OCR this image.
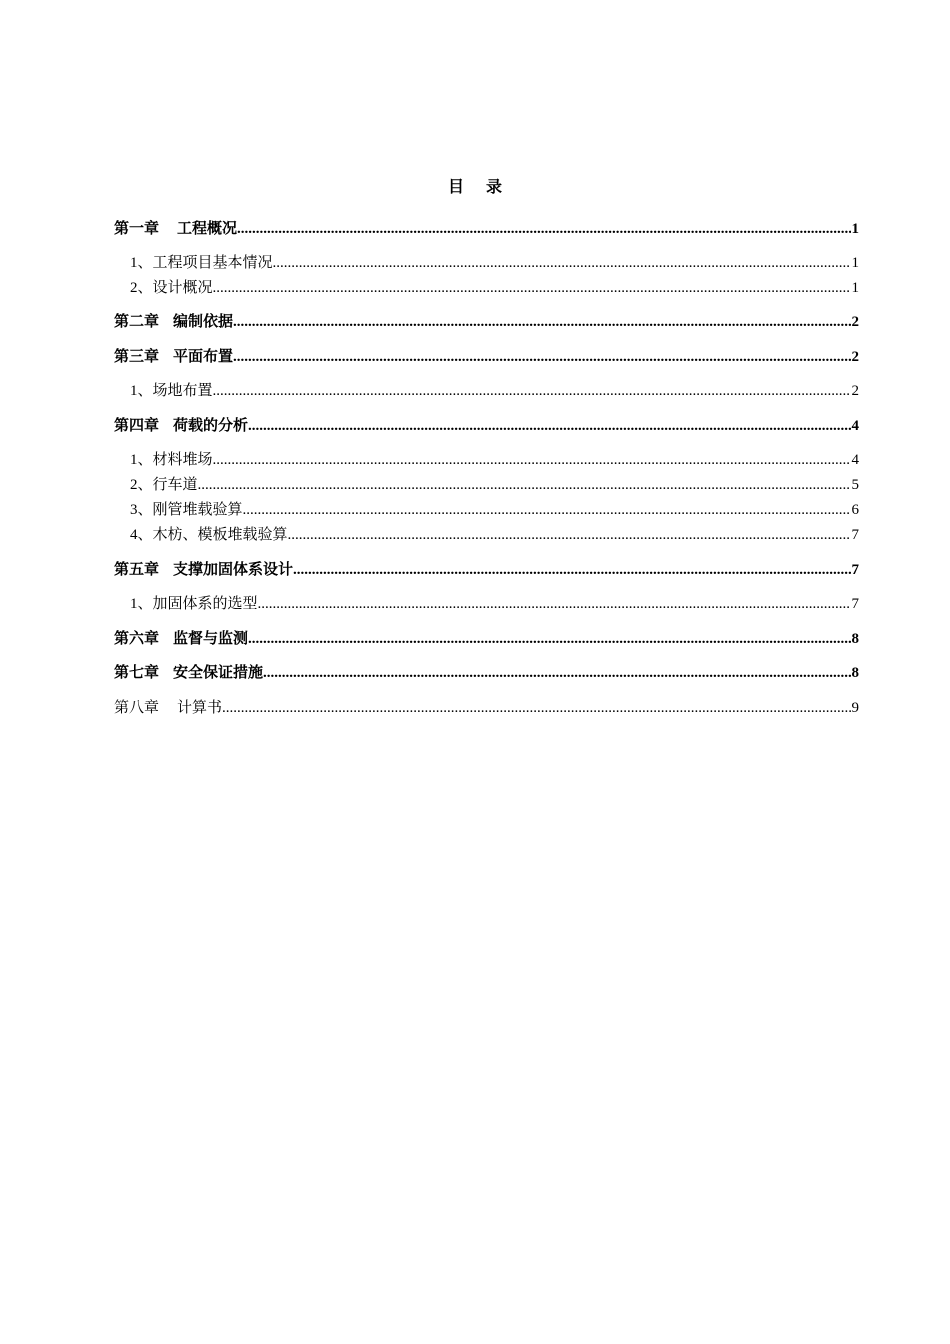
目 录
第一章 工程概况 .....	1
1、工程项目基本情况 .....	1
2、设计概况 .....	1
第二章 编制依据 .....	2
第三章 平面布置 .....	2
1、场地布置 .....	2
第四章 荷载的分析 .....	4
1、材料堆场 .....	4
2、行车道 .....	5
3、刚管堆载验算 .....	6
4、木枋、模板堆载验算 .....	7
第五章 支撑加固体系设计 .....	7
1、加固体系的选型 .....	7
第六章 监督与监测 .....	8
第七章 安全保证措施 .....	8
第八章 计算书 .....	9
